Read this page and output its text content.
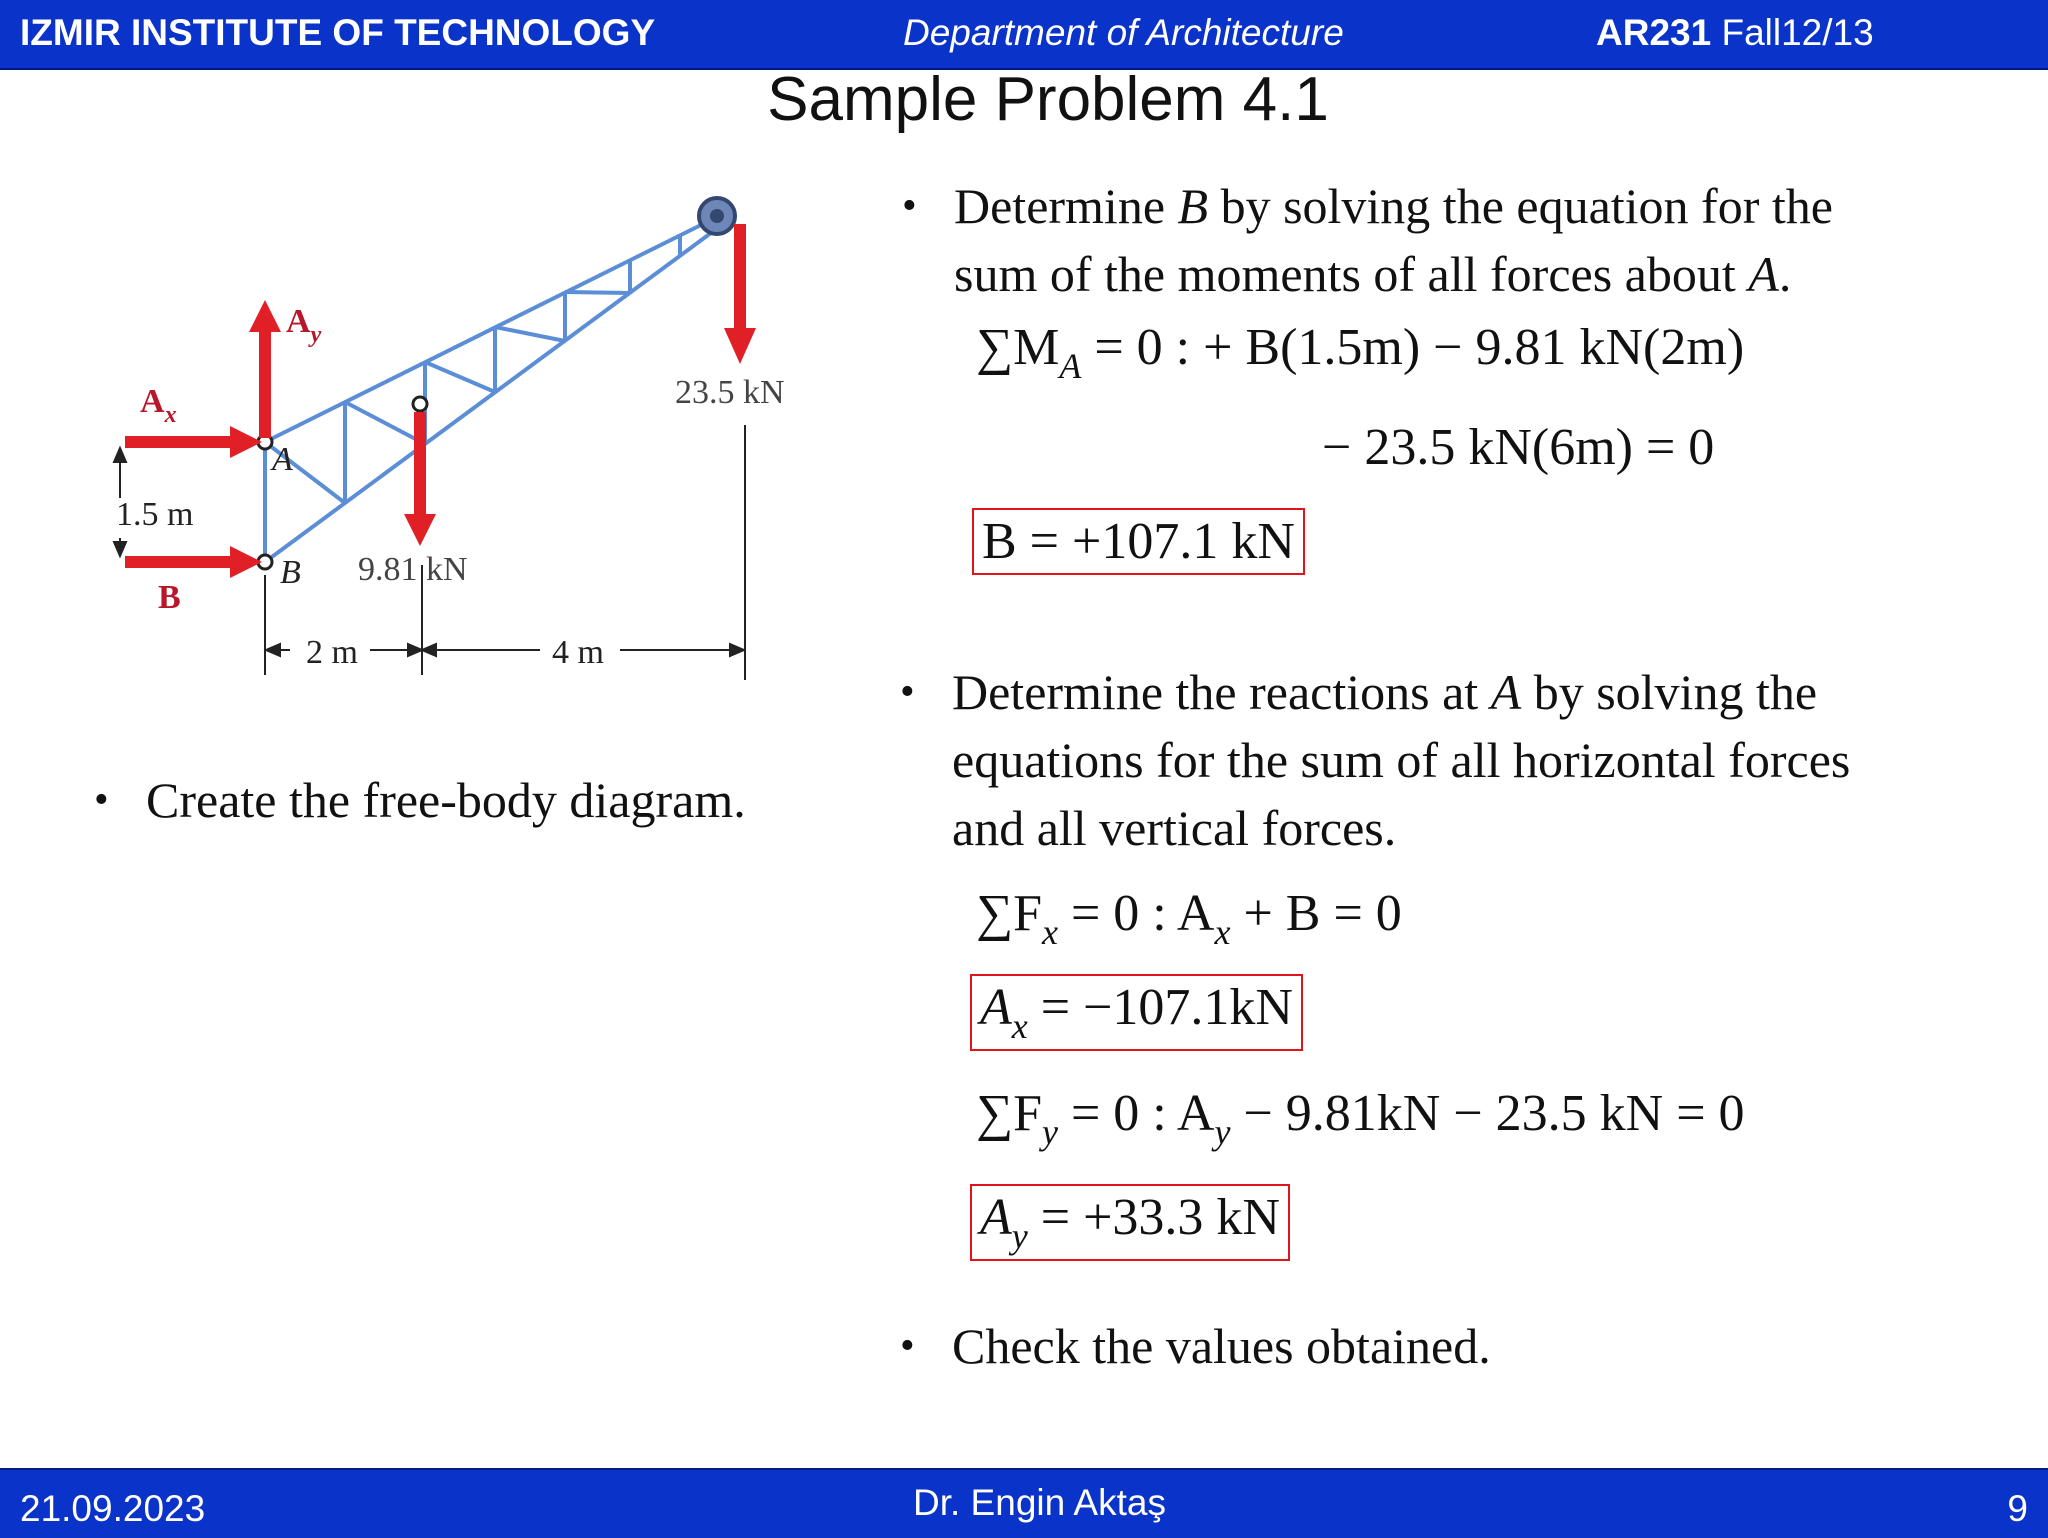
IZMIR INSTITUTE OF TECHNOLOGY	Department of Architecture	AR231 Fall12/13
Sample Problem 4.1
$A_x$
$A_y$
A
B
B
1.5 m
9.81 kN
23.5 kN
2 m	4 m
• Create the free-body diagram.
• Determine B by solving the equation for the
sum of the moments of all forces about A.
$\sum M_A = 0$ : + B(1.5m) − 9.81 kN(2m)
− 23.5 kN(6m) = 0
B = +107.1 kN
• Determine the reactions at A by solving the
equations for the sum of all horizontal forces
and all vertical forces.
$\sum F_x = 0$ : $A_x + B = 0$
$A_x = -107.1kN$
$\sum F_y = 0$ : $A_y - 9.81kN - 23.5$ kN = 0
$A_y = +33.3$ kN
• Check the values obtained.
21.09.2023	Dr. Engin Aktaş	9
